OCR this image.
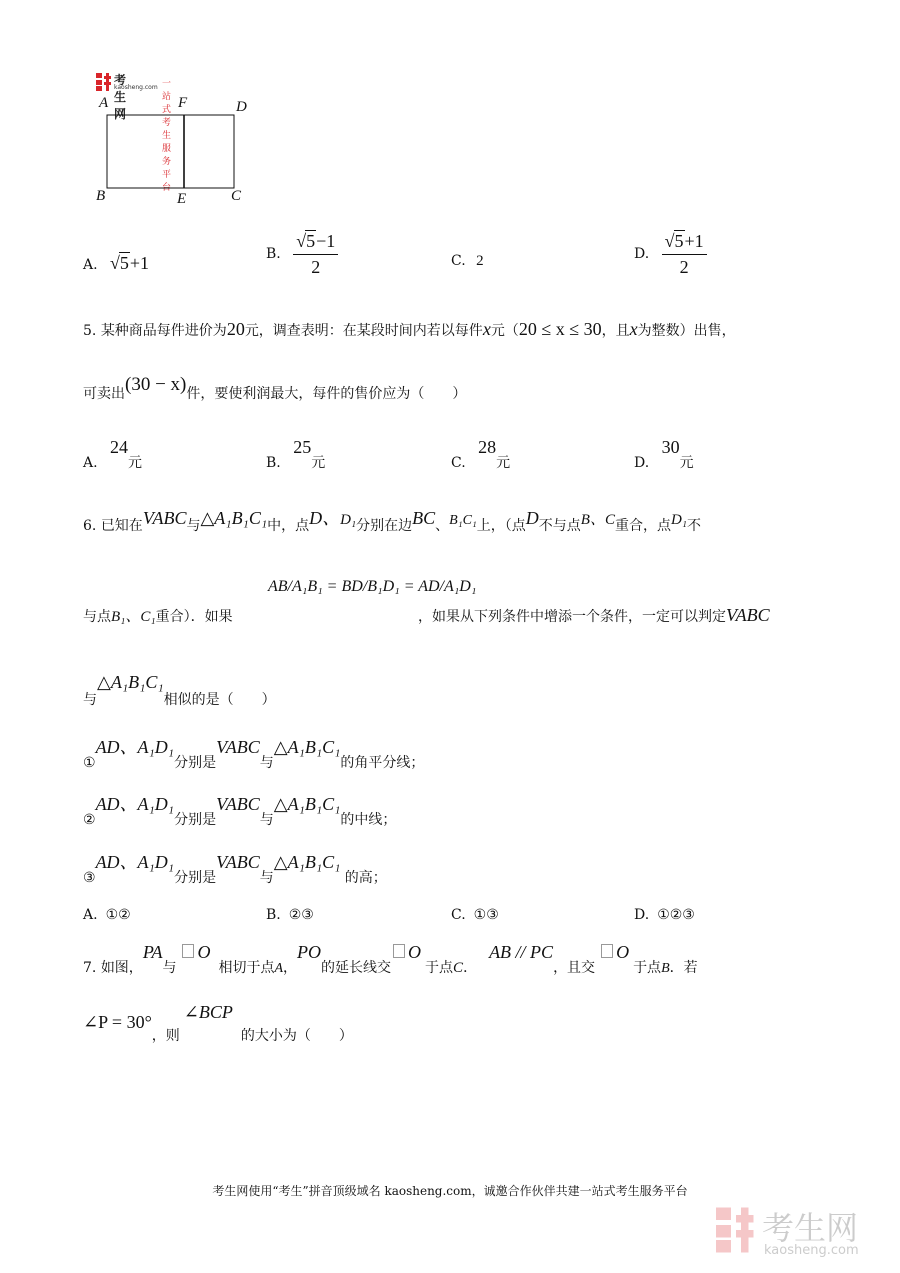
考生网
kaosheng.com 一站式考生服务平台
A	F	D
B	E	C
A. √5+1	B. $\frac{√5-1}{2}$	C. 2	D. $\frac{√5+1}{2}$
5. 某种商品每件进价为20元，调查表明：在某段时间内若以每件x元（20 ≤ x ≤ 30，且x为整数）出售，
可卖出(30 − x)件，要使利润最大，每件的售价应为（　　）
A. 24元	B. 25元	C. 28元	D. 30元
6. 已知在VABC与△A₁B₁C₁中，点D、D₁分别在边BC、B₁C₁上，（点D不与点B、C重合，点D₁不
与点B₁、C₁重合）．如果
AB/A₁B₁ = BD/B₁D₁ = AD/A₁D₁
，如果从下列条件中增添一个条件，一定可以判定VABC
与△A₁B₁C₁相似的是（　　）
①AD、A₁D₁分别是VABC与△A₁B₁C₁的角平分线；
②AD、A₁D₁分别是VABC与△A₁B₁C₁的中线；
③AD、A₁D₁分别是VABC与△A₁B₁C₁ 的高；
A. ①②	B. ②③	C. ①③	D. ①②③
7. 如图，PA与O相切于点A，PO的延长线交O于点C．AB // PC，且交O于点B．若
∠P = 30°，则∠BCP的大小为（　　）
考生网使用“考生”拼音顶级域名 kaosheng.com，诚邀合作伙伴共建一站式考生服务平台
考生网
kaosheng.com
